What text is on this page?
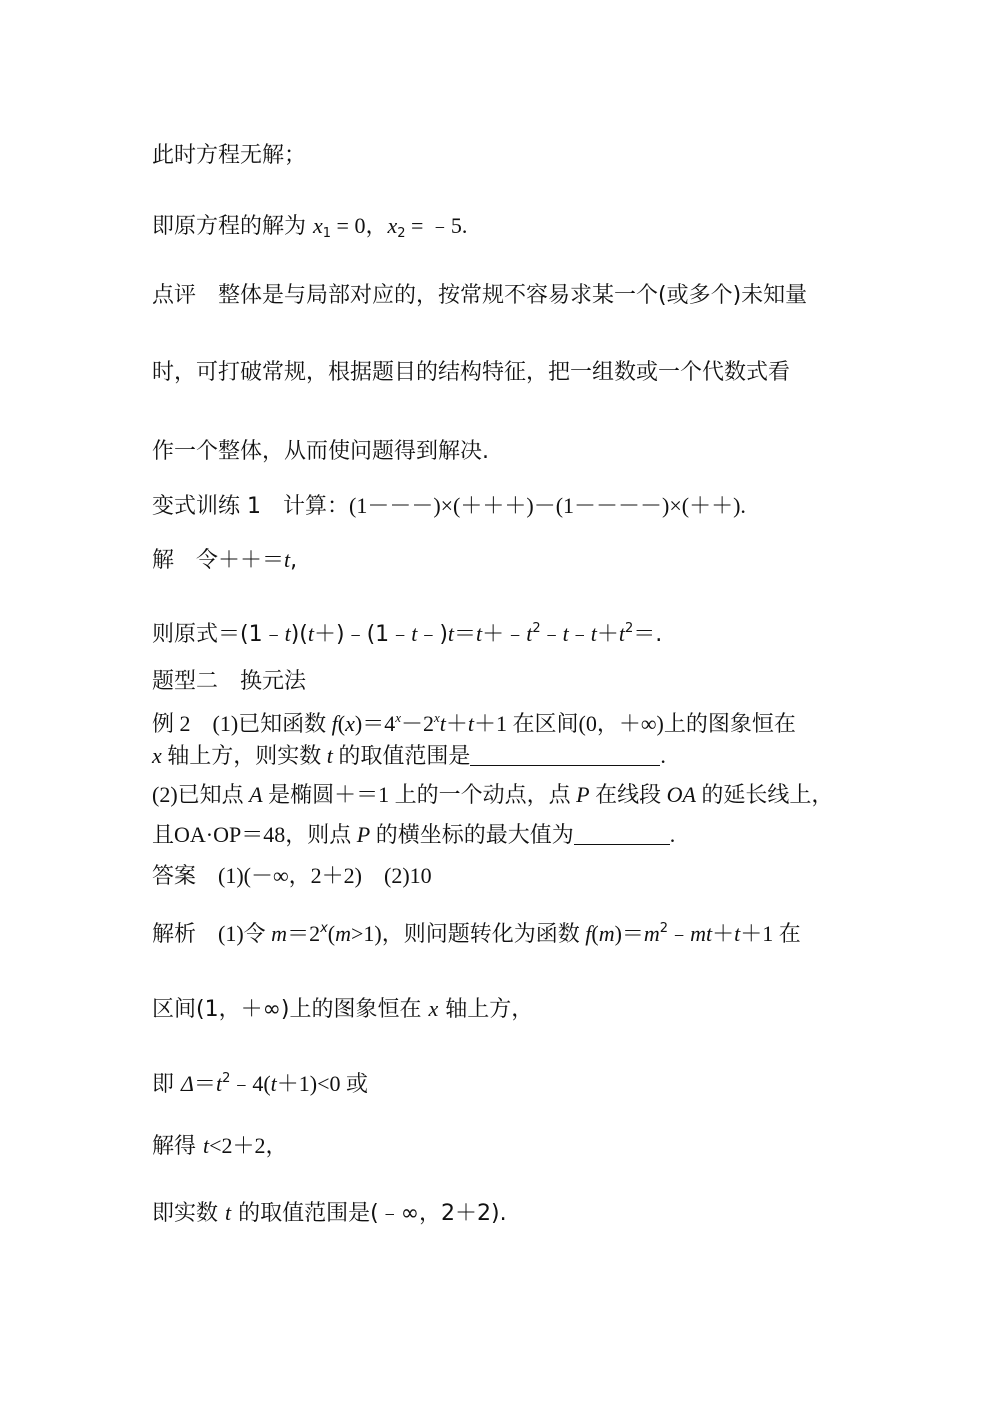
此时方程无解；
即原方程的解为 $x_1 = 0$，$x_2$ = ﹣5.
点评 整体是与局部对应的，按常规不容易求某一个(或多个)未知量
时，可打破常规，根据题目的结构特征，把一组数或一个代数式看
作一个整体，从而使问题得到解决.
变式训练 1 计算：(1－－－)×(＋＋＋)－(1－－－－)×(＋＋).
解 令＋＋＝t,
则原式$=(1﹣t)(t+)﹣(1﹣t﹣)t=t+﹣t^2﹣t﹣t+t^2=$.
题型二　换元法
例 2　(1)已知函数 $f(x)=4^x-2^xt+t+1$ 在区间(0，＋∞)上的图象恒在
x 轴上方，则实数 t 的取值范围是	.
(2)已知点 A 是椭圆＋＝1 上的一个动点，点 P 在线段 OA 的延长线上，
且OA·OP＝48，则点 P 的横坐标的最大值为	.
答案 (1)(－∞，2＋2)　(2)10
解析 (1)令 $m=2^x(m>1)$，则问题转化为函数 $f(m)=m^2﹣mt+t+1$ 在
区间(1，＋∞)上的图象恒在 x 轴上方，
即 $\Delta=t^2﹣4(t+1)<0$ 或
解得 t<2＋2，
即实数 t 的取值范围是(﹣∞，2＋2).
